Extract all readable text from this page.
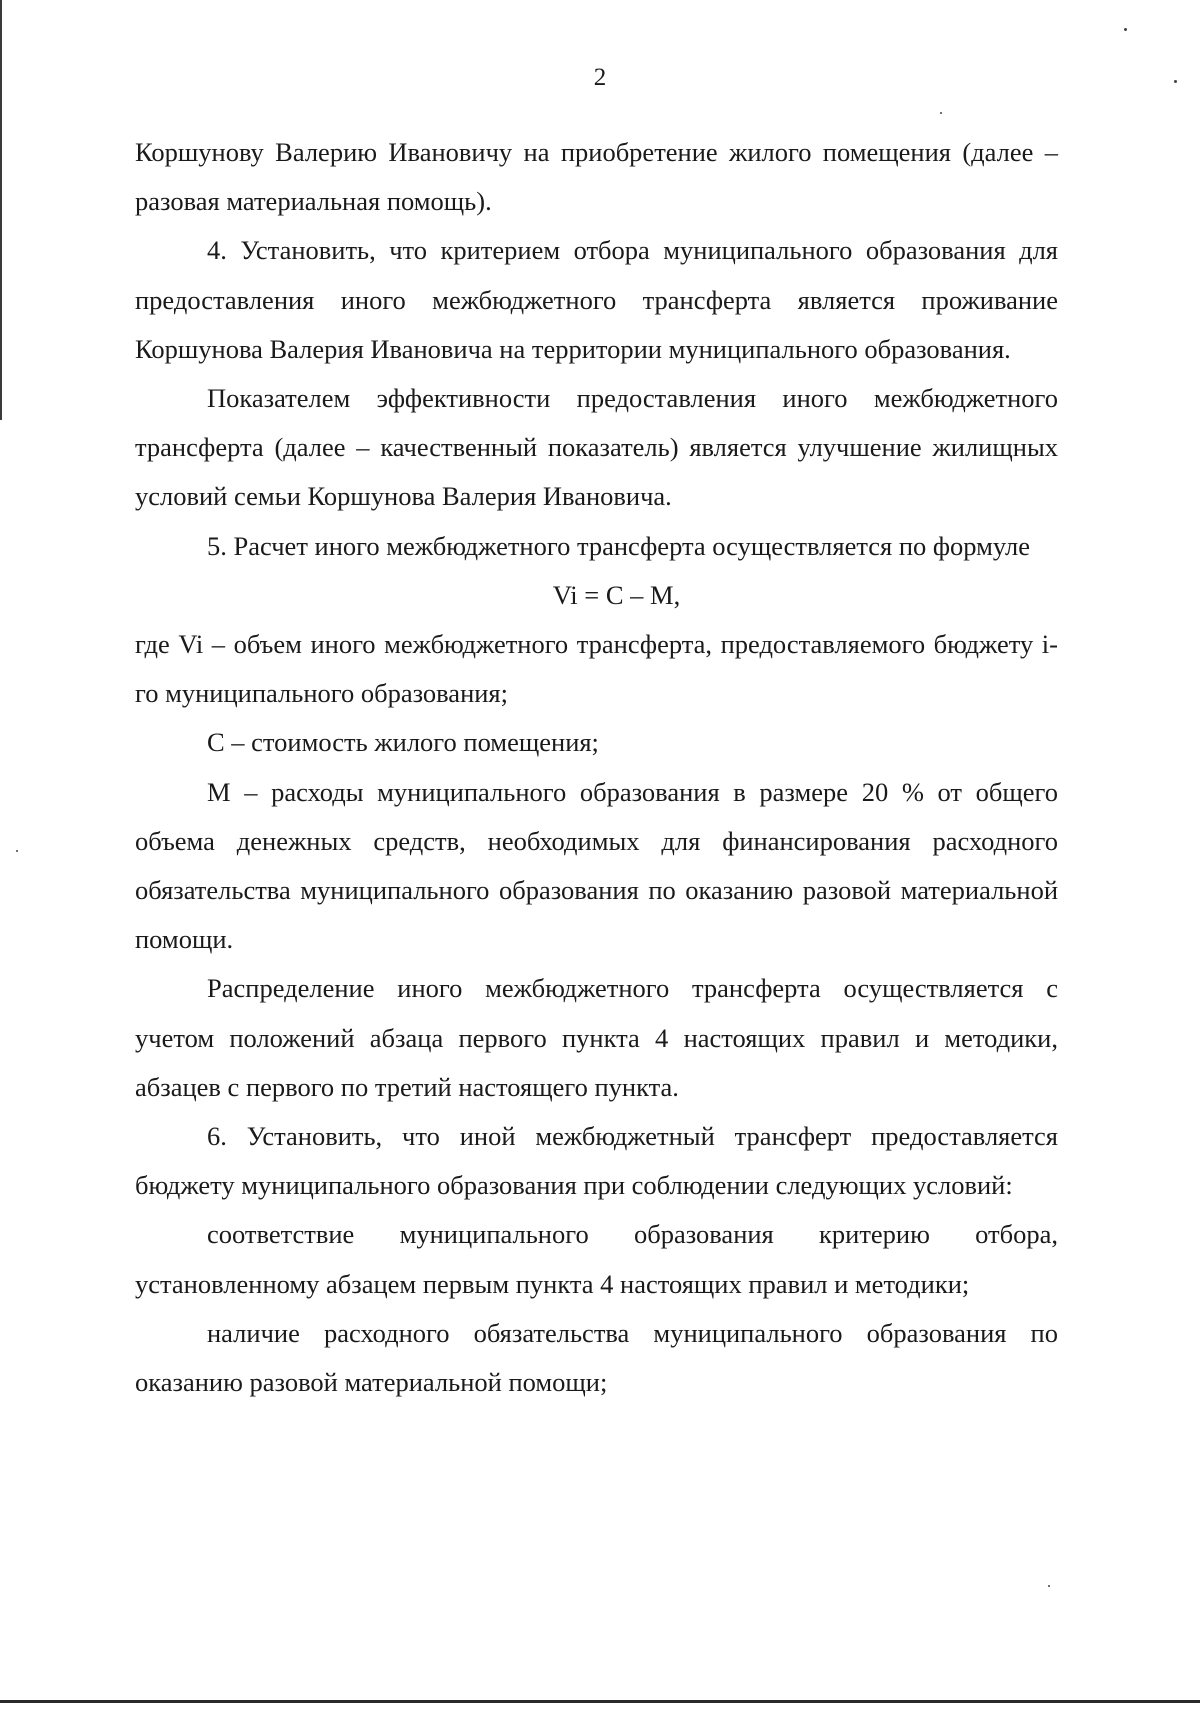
2

Коршунову Валерию Ивановичу на приобретение жилого помещения (далее – разовая материальная помощь).

4. Установить, что критерием отбора муниципального образования для предоставления иного межбюджетного трансферта является проживание Коршунова Валерия Ивановича на территории муниципального образования.

Показателем эффективности предоставления иного межбюджетного трансферта (далее – качественный показатель) является улучшение жилищных условий семьи Коршунова Валерия Ивановича.

5. Расчет иного межбюджетного трансферта осуществляется по формуле

Vi = C – M,

где Vi – объем иного межбюджетного трансферта, предоставляемого бюджету i-го муниципального образования;

C – стоимость жилого помещения;

M – расходы муниципального образования в размере 20 % от общего объема денежных средств, необходимых для финансирования расходного обязательства муниципального образования по оказанию разовой материальной помощи.

Распределение иного межбюджетного трансферта осуществляется с учетом положений абзаца первого пункта 4 настоящих правил и методики, абзацев с первого по третий настоящего пункта.

6. Установить, что иной межбюджетный трансферт предоставляется бюджету муниципального образования при соблюдении следующих условий:

соответствие муниципального образования критерию отбора, установленному абзацем первым пункта 4 настоящих правил и методики;

наличие расходного обязательства муниципального образования по оказанию разовой материальной помощи;
